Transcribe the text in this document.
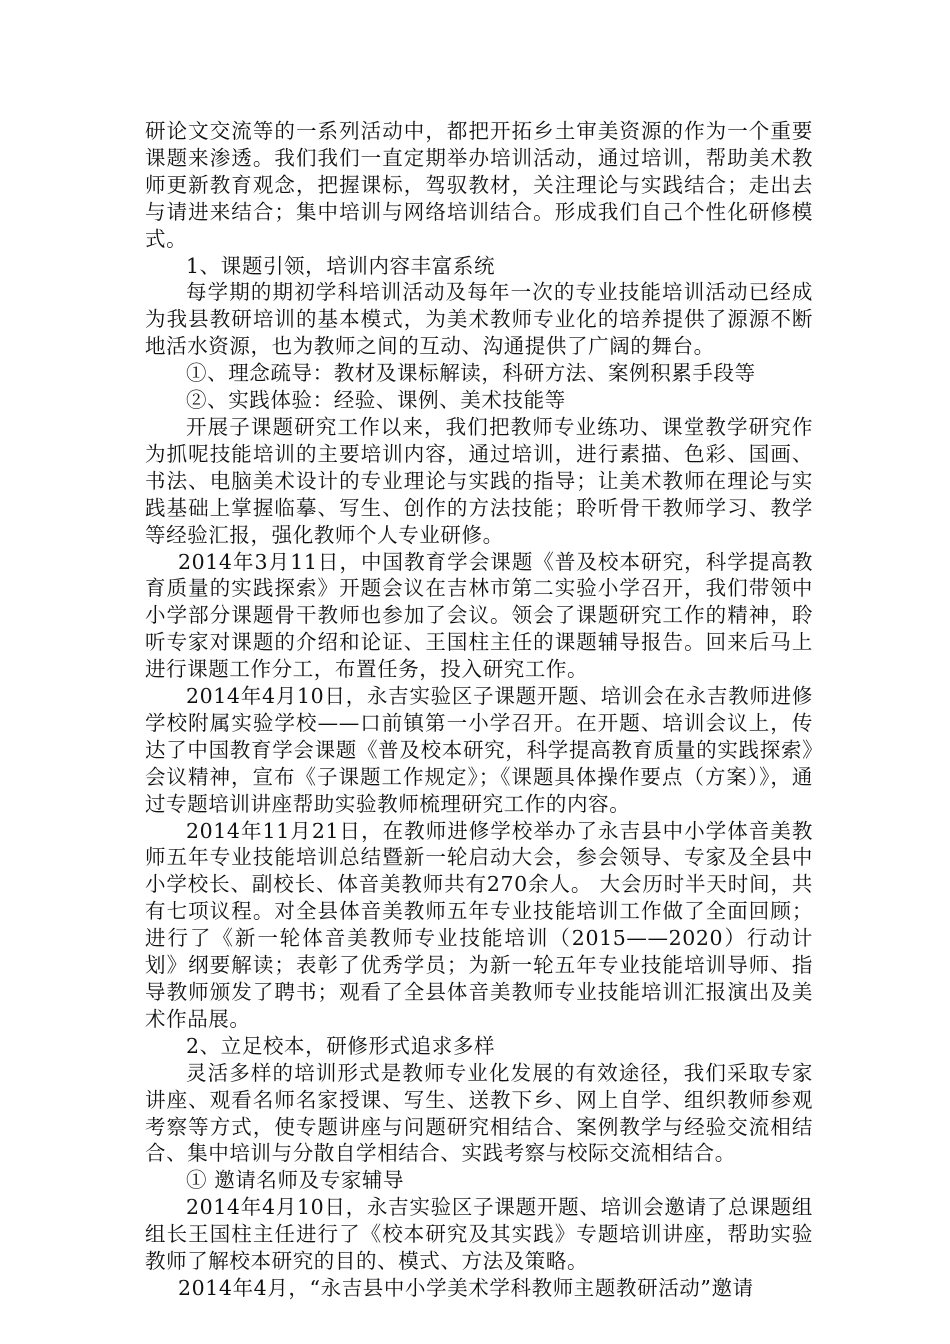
研论文交流等的一系列活动中，都把开拓乡土审美资源的作为一个重要课题来渗透。我们我们一直定期举办培训活动，通过培训，帮助美术教师更新教育观念，把握课标，驾驭教材，关注理论与实践结合；走出去与请进来结合；集中培训与网络培训结合。形成我们自己个性化研修模式。

1、课题引领，培训内容丰富系统

每学期的期初学科培训活动及每年一次的专业技能培训活动已经成为我县教研培训的基本模式，为美术教师专业化的培养提供了源源不断地活水资源，也为教师之间的互动、沟通提供了广阔的舞台。

①、理念疏导：教材及课标解读，科研方法、案例积累手段等

②、实践体验：经验、课例、美术技能等

开展子课题研究工作以来，我们把教师专业练功、课堂教学研究作为抓呢技能培训的主要培训内容，通过培训，进行素描、色彩、国画、书法、电脑美术设计的专业理论与实践的指导；让美术教师在理论与实践基础上掌握临摹、写生、创作的方法技能；聆听骨干教师学习、教学等经验汇报，强化教师个人专业研修。

2014年3月11日，中国教育学会课题《普及校本研究，科学提高教育质量的实践探索》开题会议在吉林市第二实验小学召开，我们带领中小学部分课题骨干教师也参加了会议。领会了课题研究工作的精神，聆听专家对课题的介绍和论证、王国柱主任的课题辅导报告。回来后马上进行课题工作分工，布置任务，投入研究工作。

2014年4月10日，永吉实验区子课题开题、培训会在永吉教师进修学校附属实验学校——口前镇第一小学召开。在开题、培训会议上，传达了中国教育学会课题《普及校本研究，科学提高教育质量的实践探索》会议精神，宣布《子课题工作规定》；《课题具体操作要点（方案）》，通过专题培训讲座帮助实验教师梳理研究工作的内容。

2014年11月21日，在教师进修学校举办了永吉县中小学体音美教师五年专业技能培训总结暨新一轮启动大会，参会领导、专家及全县中小学校长、副校长、体音美教师共有270余人。 大会历时半天时间，共有七项议程。对全县体音美教师五年专业技能培训工作做了全面回顾；进行了《新一轮体音美教师专业技能培训（2015——2020）行动计划》纲要解读；表彰了优秀学员；为新一轮五年专业技能培训导师、指导教师颁发了聘书；观看了全县体音美教师专业技能培训汇报演出及美术作品展。

2、立足校本，研修形式追求多样

灵活多样的培训形式是教师专业化发展的有效途径，我们采取专家讲座、观看名师名家授课、写生、送教下乡、网上自学、组织教师参观考察等方式，使专题讲座与问题研究相结合、案例教学与经验交流相结合、集中培训与分散自学相结合、实践考察与校际交流相结合。

① 邀请名师及专家辅导

2014年4月10日，永吉实验区子课题开题、培训会邀请了总课题组组长王国柱主任进行了《校本研究及其实践》专题培训讲座，帮助实验教师了解校本研究的目的、模式、方法及策略。

2014年4月，“永吉县中小学美术学科教师主题教研活动”邀请
